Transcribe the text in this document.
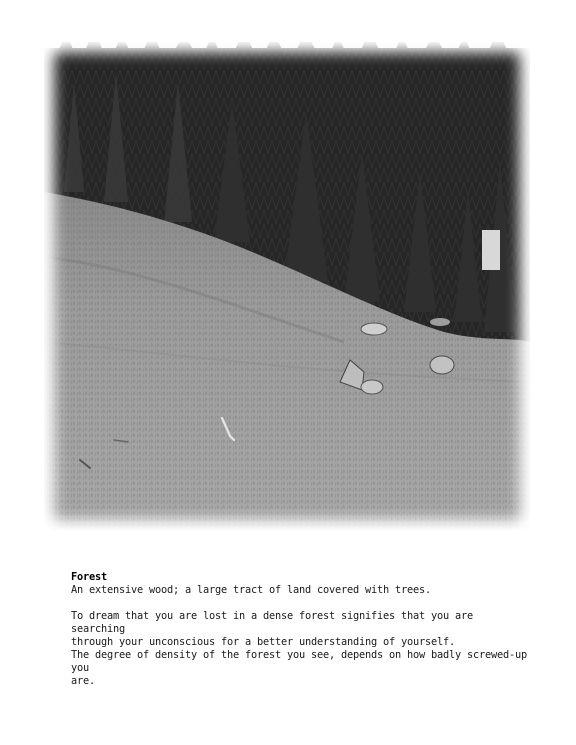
Forest

An extensive wood; a large tract of land covered with trees.

To dream that you are lost in a dense forest signifies that you are searching

through your unconscious for a better understanding of yourself.

The degree of density of the forest you see, depends on how badly screwed-up you

are.
